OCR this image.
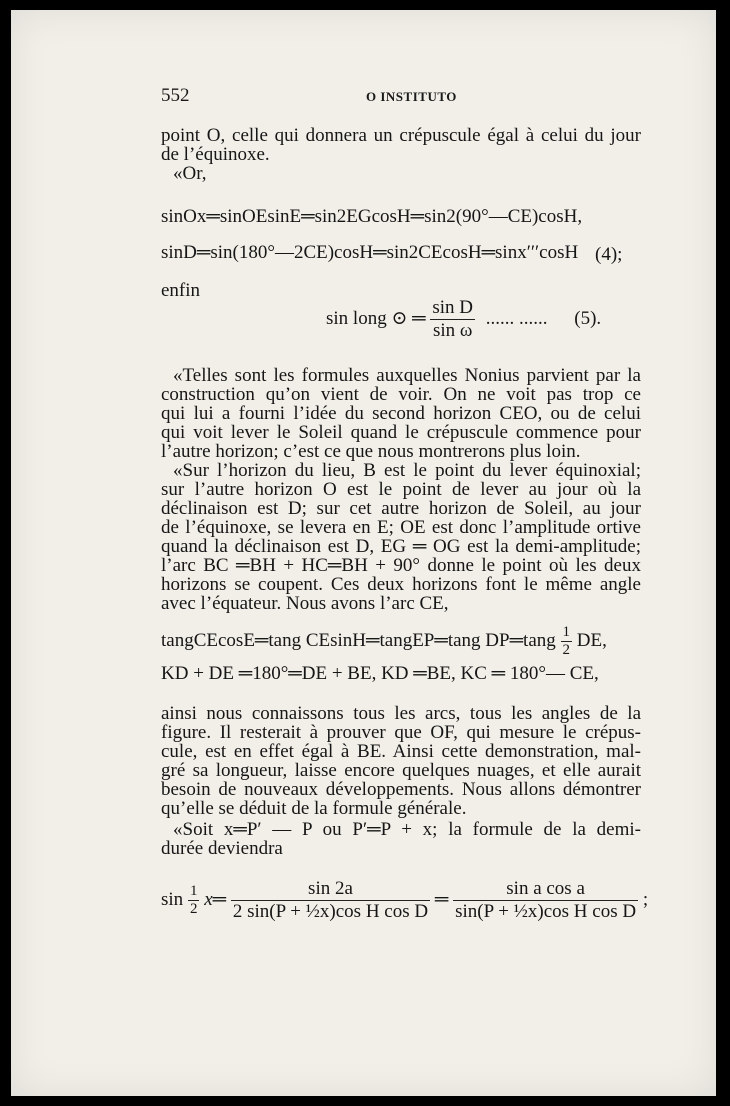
552	O INSTITUTO

point O, celle qui donnera un crépuscule égal à celui du jour

de l’équinoxe.

«Or,

sinOx═sinOEsinE═sin2EGcosH═sin2(90°—CE)cosH,
sinD═sin(180°—2CE)cosH═sin2CEcosH═sinx′′′cosH (4);
enfin
sin long ⊙ ═ $\frac{\text{sin D}}{\text{sin ω}}$ ...... ...... (5).

«Telles sont les formules auxquelles Nonius parvient par la

construction qu’on vient de voir. On ne voit pas trop ce

qui lui a fourni l’idée du second horizon CEO, ou de celui

qui voit lever le Soleil quand le crépuscule commence pour

l’autre horizon; c’est ce que nous montrerons plus loin.

«Sur l’horizon du lieu, B est le point du lever équinoxial;

sur l’autre horizon O est le point de lever au jour où la

déclinaison est D; sur cet autre horizon de Soleil, au jour

de l’équinoxe, se levera en E; OE est donc l’amplitude ortive

quand la déclinaison est D, EG ═ OG est la demi-amplitude;

l’arc BC ═BH + HC═BH + 90° donne le point où les deux

horizons se coupent. Ces deux horizons font le même angle

avec l’équateur. Nous avons l’arc CE,

tangCEcosE═tang CEsinH═tangEP═tang DP═tang $\frac{1}{2}$ DE,
KD + DE ═180°═DE + BE, KD ═BE, KC ═ 180°— CE,

ainsi nous connaissons tous les arcs, tous les angles de la

figure. Il resterait à prouver que OF, qui mesure le crépus-

cule, est en effet égal à BE. Ainsi cette demonstration, mal-

gré sa longueur, laisse encore quelques nuages, et elle aurait

besoin de nouveaux développements. Nous allons démontrer

qu’elle se déduit de la formule générale.

«Soit x═P′ — P ou P′═P + x; la formule de la demi-

durée deviendra

$\sin \frac{1}{2}$ x═ $\frac{\sin 2a}{\text{2 sin(P + ½x)cos H cos D}}$ ═ $\frac{\text{sin a cos a}}{\text{sin(P + ½x)cos H cos D}}$ ;
